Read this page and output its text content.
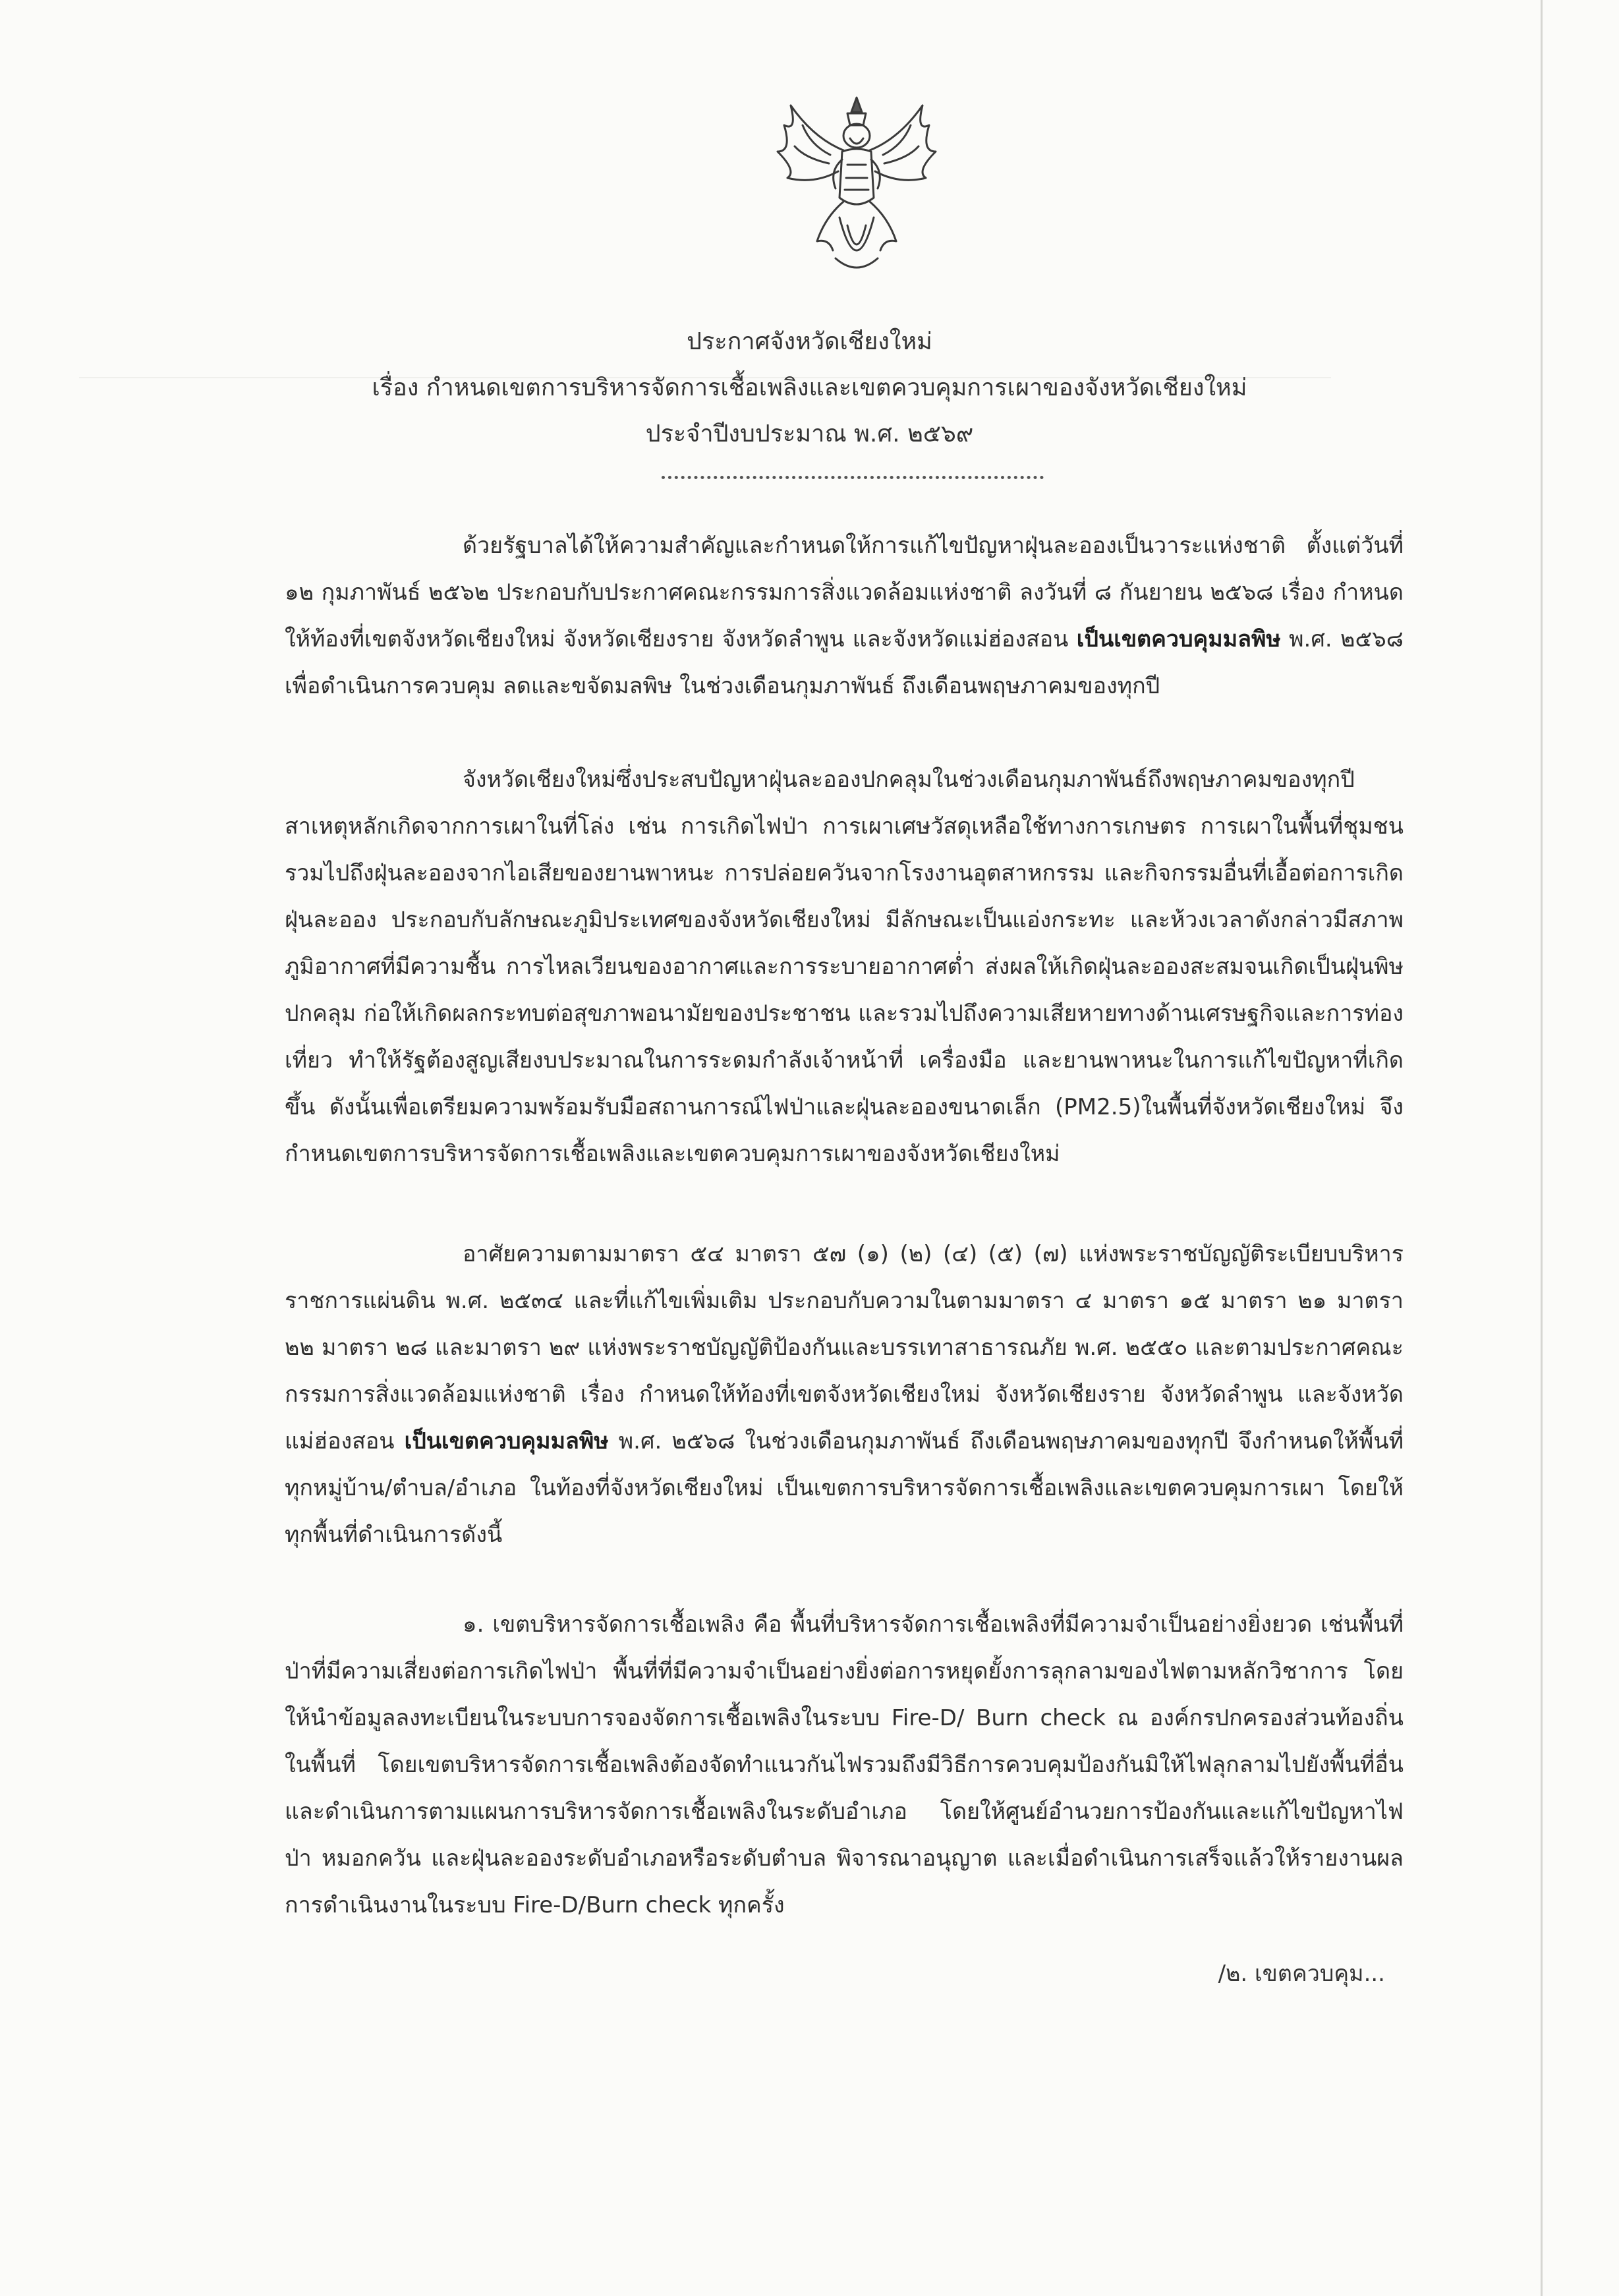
ประกาศจังหวัดเชียงใหม่
เรื่อง กำหนดเขตการบริหารจัดการเชื้อเพลิงและเขตควบคุมการเผาของจังหวัดเชียงใหม่
ประจำปีงบประมาณ พ.ศ. ๒๕๖๙

ด้วยรัฐบาลได้ให้ความสำคัญและกำหนดให้การแก้ไขปัญหาฝุ่นละอองเป็นวาระแห่งชาติ ตั้งแต่วันที่ ๑๒ กุมภาพันธ์ ๒๕๖๒ ประกอบกับประกาศคณะกรรมการสิ่งแวดล้อมแห่งชาติ ลงวันที่ ๘ กันยายน ๒๕๖๘ เรื่อง กำหนดให้ท้องที่เขตจังหวัดเชียงใหม่ จังหวัดเชียงราย จังหวัดลำพูน และจังหวัดแม่ฮ่องสอน เป็นเขตควบคุมมลพิษ พ.ศ. ๒๕๖๘ เพื่อดำเนินการควบคุม ลดและขจัดมลพิษ ในช่วงเดือนกุมภาพันธ์ ถึงเดือนพฤษภาคมของทุกปี

จังหวัดเชียงใหม่ซึ่งประสบปัญหาฝุ่นละอองปกคลุมในช่วงเดือนกุมภาพันธ์ถึงพฤษภาคมของทุกปี สาเหตุหลักเกิดจากการเผาในที่โล่ง เช่น การเกิดไฟป่า การเผาเศษวัสดุเหลือใช้ทางการเกษตร การเผาในพื้นที่ชุมชน รวมไปถึงฝุ่นละอองจากไอเสียของยานพาหนะ การปล่อยควันจากโรงงานอุตสาหกรรม และกิจกรรมอื่นที่เอื้อต่อการเกิดฝุ่นละออง ประกอบกับลักษณะภูมิประเทศของจังหวัดเชียงใหม่ มีลักษณะเป็นแอ่งกระทะ และห้วงเวลาดังกล่าวมีสภาพภูมิอากาศที่มีความชื้น การไหลเวียนของอากาศและการระบายอากาศต่ำ ส่งผลให้เกิดฝุ่นละอองสะสมจนเกิดเป็นฝุ่นพิษปกคลุม ก่อให้เกิดผลกระทบต่อสุขภาพอนามัยของประชาชน และรวมไปถึงความเสียหายทางด้านเศรษฐกิจและการท่องเที่ยว ทำให้รัฐต้องสูญเสียงบประมาณในการระดมกำลังเจ้าหน้าที่ เครื่องมือ และยานพาหนะในการแก้ไขปัญหาที่เกิดขึ้น ดังนั้นเพื่อเตรียมความพร้อมรับมือสถานการณ์ไฟป่าและฝุ่นละอองขนาดเล็ก (PM2.5)ในพื้นที่จังหวัดเชียงใหม่ จึงกำหนดเขตการบริหารจัดการเชื้อเพลิงและเขตควบคุมการเผาของจังหวัดเชียงใหม่

อาศัยความตามมาตรา ๕๔ มาตรา ๕๗ (๑) (๒) (๔) (๕) (๗) แห่งพระราชบัญญัติระเบียบบริหารราชการแผ่นดิน พ.ศ. ๒๕๓๔ และที่แก้ไขเพิ่มเติม ประกอบกับความในตามมาตรา ๔ มาตรา ๑๕ มาตรา ๒๑ มาตรา ๒๒ มาตรา ๒๘ และมาตรา ๒๙ แห่งพระราชบัญญัติป้องกันและบรรเทาสาธารณภัย พ.ศ. ๒๕๕๐ และตามประกาศคณะกรรมการสิ่งแวดล้อมแห่งชาติ เรื่อง กำหนดให้ท้องที่เขตจังหวัดเชียงใหม่ จังหวัดเชียงราย จังหวัดลำพูน และจังหวัดแม่ฮ่องสอน เป็นเขตควบคุมมลพิษ พ.ศ. ๒๕๖๘ ในช่วงเดือนกุมภาพันธ์ ถึงเดือนพฤษภาคมของทุกปี จึงกำหนดให้พื้นที่ทุกหมู่บ้าน/ตำบล/อำเภอ ในท้องที่จังหวัดเชียงใหม่ เป็นเขตการบริหารจัดการเชื้อเพลิงและเขตควบคุมการเผา โดยให้ทุกพื้นที่ดำเนินการดังนี้

๑. เขตบริหารจัดการเชื้อเพลิง คือ พื้นที่บริหารจัดการเชื้อเพลิงที่มีความจำเป็นอย่างยิ่งยวด เช่นพื้นที่ป่าที่มีความเสี่ยงต่อการเกิดไฟป่า พื้นที่ที่มีความจำเป็นอย่างยิ่งต่อการหยุดยั้งการลุกลามของไฟตามหลักวิชาการ โดยให้นำข้อมูลลงทะเบียนในระบบการจองจัดการเชื้อเพลิงในระบบ Fire-D/ Burn check ณ องค์กรปกครองส่วนท้องถิ่นในพื้นที่ โดยเขตบริหารจัดการเชื้อเพลิงต้องจัดทำแนวกันไฟรวมถึงมีวิธีการควบคุมป้องกันมิให้ไฟลุกลามไปยังพื้นที่อื่น และดำเนินการตามแผนการบริหารจัดการเชื้อเพลิงในระดับอำเภอ โดยให้ศูนย์อำนวยการป้องกันและแก้ไขปัญหาไฟป่า หมอกควัน และฝุ่นละอองระดับอำเภอหรือระดับตำบล พิจารณาอนุญาต และเมื่อดำเนินการเสร็จแล้วให้รายงานผลการดำเนินงานในระบบ Fire-D/Burn check ทุกครั้ง

/๒. เขตควบคุม...
